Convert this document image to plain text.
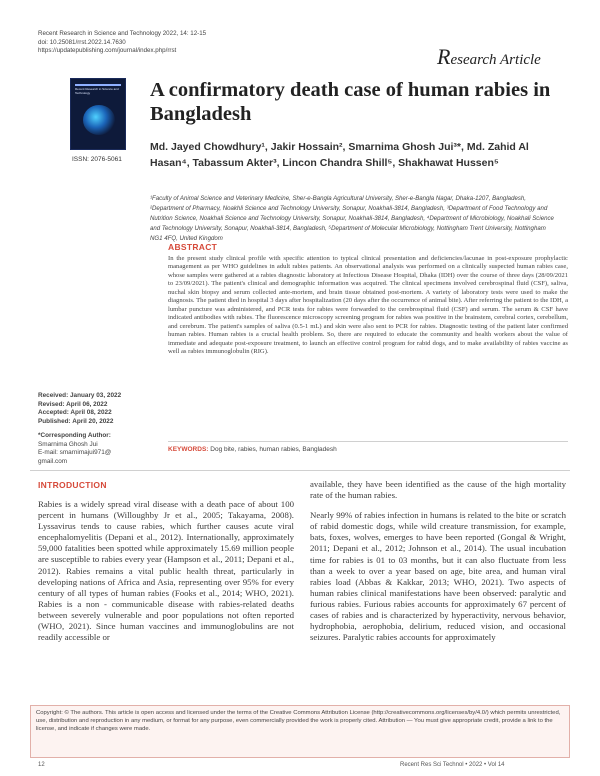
Recent Research in Science and Technology 2022, 14: 12-15
doi: 10.25081/rrst.2022.14.7630
https://updatepublishing.com/journal/index.php/rrst
Recent Research in Science and Technology
ISSN: 2076-5061
Research Article
A confirmatory death case of human rabies in Bangladesh
Md. Jayed Chowdhury¹, Jakir Hossain², Smarnima Ghosh Jui³*, Md. Zahid Al Hasan⁴, Tabassum Akter³, Lincon Chandra Shill⁵, Shakhawat Hussen⁵
¹Faculty of Animal Science and Veterinary Medicine, Sher-e-Bangla Agricultural University, Sher-e-Bangla Nagar, Dhaka-1207, Bangladesh, ²Department of Pharmacy, Noakhli Science and Technology University, Sonapur, Noakhali-3814, Bangladesh, ³Department of Food Technology and Nutrition Science, Noakhali Science and Technology University, Sonapur, Noakhali-3814, Bangladesh, ⁴Department of Microbiology, Noakhali Science and Technology University, Sonapur, Noakhali-3814, Bangladesh, ⁵Department of Molecular Microbiology, Nottingham Trent University, Nottingham NG1 4FQ, United Kingdom
ABSTRACT
In the present study clinical profile with specific attention to typical clinical presentation and deficiencies/lacunae in post-exposure prophylactic management as per WHO guidelines in adult rabies patients. An observational analysis was performed on a clinically suspected human rabies case, whose samples were gathered at a rabies diagnostic laboratory at Infectious Disease Hospital, Dhaka (IDH) over the course of three days (28/09/2021 to 23/09/2021). The patient's clinical and demographic information was acquired. The clinical specimens involved cerebrospinal fluid (CSF), saliva, nuchal skin biopsy and serum collected ante-mortem, and brain tissue obtained post-mortem. A variety of laboratory tests were used to make the diagnosis. The patient died in hospital 3 days after hospitalization (20 days after the occurrence of animal bite). After referring the patient to the IDH, a lumbar puncture was administered, and PCR tests for rabies were forwarded to the cerebrospinal fluid (CSF) and serum. The serum & CSF have indicated antibodies with rabies. The fluorescence microscopy screening program for rabies was positive in the brainstem, cerebral cortex, cerebellum, and cerebrum. The patient's samples of saliva (0.5-1 mL) and skin were also sent to PCR for rabies. Diagnostic testing of the patient later confirmed human rabies. Human rabies is a crucial health problem. So, there are required to educate the community and health workers about the value of immediate and adequate post-exposure treatment, to launch an effective control program for rabid dogs, and to make availability of rabies vaccine as well as rabies immunoglobulin (RIG).
KEYWORDS: Dog bite, rabies, human rabies, Bangladesh
Received: January 03, 2022
Revised: April 06, 2022
Accepted: April 08, 2022
Published: April 20, 2022
*Corresponding Author:
Smarnima Ghosh Jui
E-mail: smarnimajui971@ gmail.com
INTRODUCTION

Rabies is a widely spread viral disease with a death pace of about 100 percent in humans (Willoughby Jr et al., 2005; Takayama, 2008). Lyssavirus tends to cause rabies, which further causes acute viral encephalomyelitis (Depani et al., 2012). Internationally, approximately 59,000 fatalities been spotted while approximately 15.69 million people are susceptible to rabies every year (Hampson et al., 2011; Depani et al., 2012). Rabies remains a vital public health threat, particularly in developing nations of Africa and Asia, representing over 95% for every century of all types of human rabies (Fooks et al., 2014; WHO, 2021). Rabies is a non - communicable disease with rabies-related deaths between severely vulnerable and poor populations not often reported (WHO, 2021). Since human vaccines and immunoglobulins are not readily accessible or

available, they have been identified as the cause of the high mortality rate of the human rabies.

Nearly 99% of rabies infection in humans is related to the bite or scratch of rabid domestic dogs, while wild creature transmission, for example, bats, foxes, wolves, emerges to have been reported (Gongal & Wright, 2011; Depani et al., 2012; Johnson et al., 2014). The usual incubation time for rabies is 01 to 03 months, but it can also fluctuate from less than a week to over a year based on age, bite area, and human viral rabies load (Abbas & Kakkar, 2013; WHO, 2021). Two aspects of human rabies clinical manifestations have been observed: paralytic and furious rabies. Furious rabies accounts for approximately 67 percent of cases of rabies and is characterized by hyperactivity, nervous behavior, hydrophobia, aerophobia, delirium, reduced vision, and occasional seizures. Paralytic rabies accounts for approximately

Copyright: © The authors. This article is open access and licensed under the terms of the Creative Commons Attribution License (http://creativecommons.org/licenses/by/4.0/) which permits unrestricted, use, distribution and reproduction in any medium, or format for any purpose, even commercially provided the work is properly cited. Attribution — You must give appropriate credit, provide a link to the license, and indicate if changes were made.
12	Recent Res Sci Technol • 2022 • Vol 14
